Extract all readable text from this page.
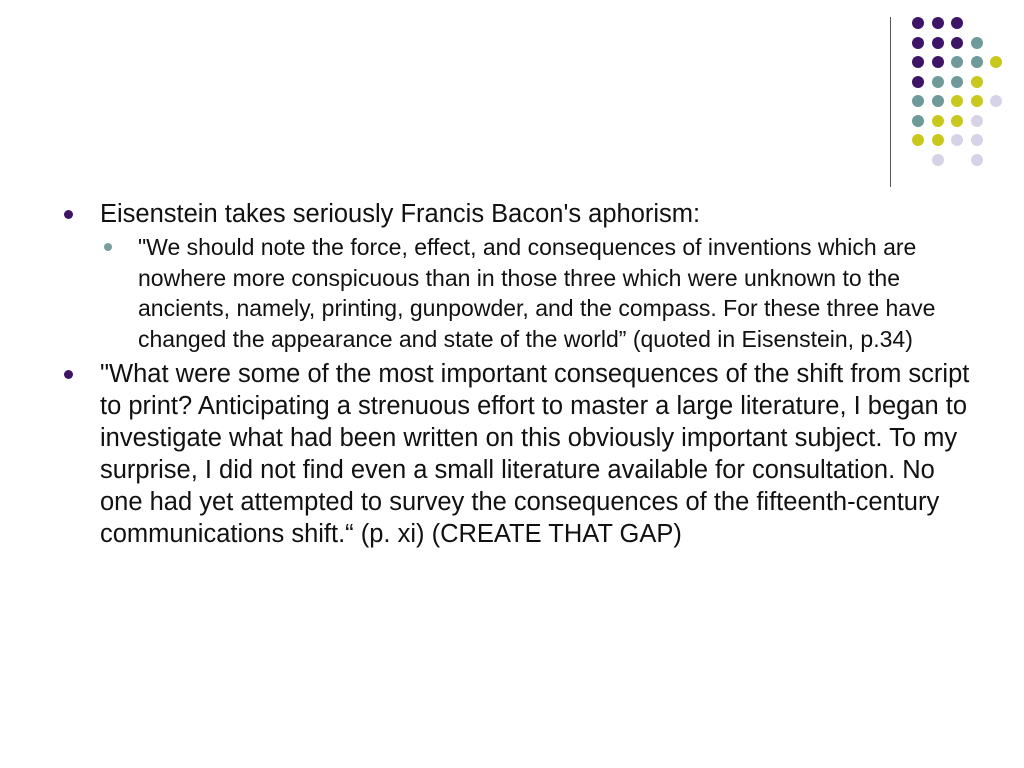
Eisenstein takes seriously Francis Bacon's aphorism:
"We should note the force, effect, and consequences of inventions which are nowhere more conspicuous than in those three which were unknown to the ancients, namely, printing, gunpowder, and the compass. For these three have changed the appearance and state of the world” (quoted in Eisenstein, p.34)
"What were some of the most important consequences of the shift from script to print? Anticipating a strenuous effort to master a large literature, I began to investigate what had been written on this obviously important subject. To my surprise, I did not find even a small literature available for consultation. No one had yet attempted to survey the consequences of the fifteenth-century communications shift.“ (p. xi) (CREATE THAT GAP)
